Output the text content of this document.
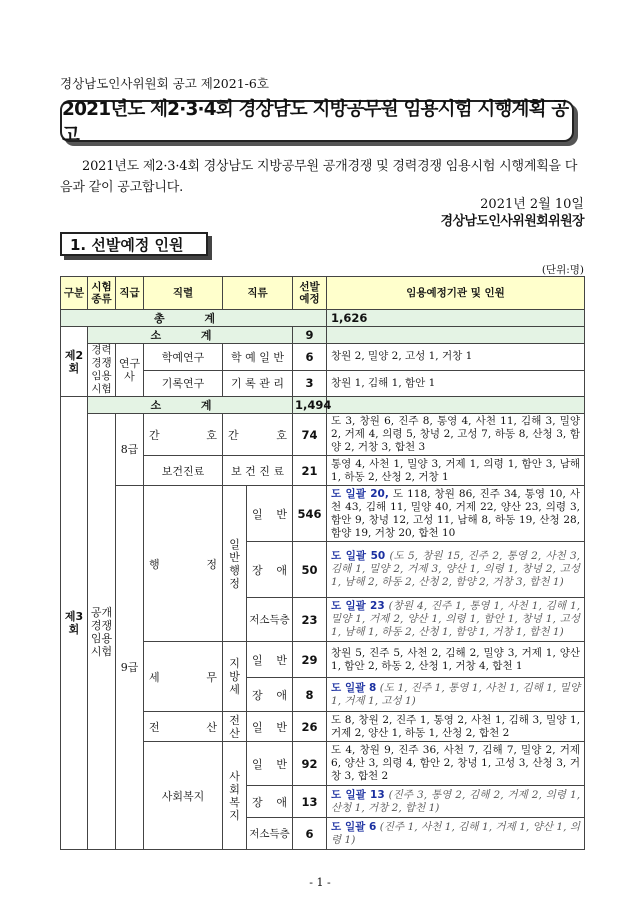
경상남도인사위원회 공고 제2021-6호
2021년도 제2·3·4회 경상남도 지방공무원 임용시험 시행계획 공고
2021년도 제2·3·4회 경상남도 지방공무원 공개경쟁 및 경력경쟁 임용시험 시행계획을 다음과 같이 공고합니다.
2021년 2월 10일
경상남도인사위원회위원장
1. 선발예정 인원
(단위:명)
구분	시험종류	직급	직렬	직류		선발예정	임용예정기관 및 인원
총 계							1,626
제2회	소 계					9	
	경력경쟁임용시험	연구사	학예연구	학 예 일 반		6	창원 2, 밀양 2, 고성 1, 거창 1
			기록연구	기 록 관 리		3	창원 1, 김해 1, 함안 1
제3회	소 계					1,494	
	공개경쟁임용시험	8급	간 호	간 호		74	도 3, 창원 6, 진주 8, 통영 4, 사천 11, 김해 3, 밀양 2, 거제 4, 의령 5, 창녕 2, 고성 7, 하동 8, 산청 3, 함양 2, 거창 3, 합천 3
			보건진료	보 건 진 료		21	통영 4, 사천 1, 밀양 3, 거제 1, 의령 1, 함안 3, 남해 1, 하동 2, 산청 2, 거창 1
		9급	행 정	일반행정	일 반	546	도 일괄 20, 도 118, 창원 86, 진주 34, 통영 10, 사천 43, 김해 11, 밀양 40, 거제 22, 양산 23, 의령 3, 함안 9, 창녕 12, 고성 11, 남해 8, 하동 19, 산청 28, 함양 19, 거창 20, 합천 10
					장 애	50	도 일괄 50 (도 5, 창원 15, 진주 2, 통영 2, 사천 3, 김해 1, 밀양 2, 거제 3, 양산 1, 의령 1, 창녕 2, 고성 1, 남해 2, 하동 2, 산청 2, 함양 2, 거창 3, 합천 1)
					저소득층	23	도 일괄 23 (창원 4, 진주 1, 통영 1, 사천 1, 김해 1, 밀양 1, 거제 2, 양산 1, 의령 1, 함안 1, 창녕 1, 고성 1, 남해 1, 하동 2, 산청 1, 함양 1, 거창 1, 합천 1)
			세 무	지방세	일 반	29	창원 5, 진주 5, 사천 2, 김해 2, 밀양 3, 거제 1, 양산 1, 함안 2, 하동 2, 산청 1, 거창 4, 합천 1
					장 애	8	도 일괄 8 (도 1, 진주 1, 통영 1, 사천 1, 김해 1, 밀양 1, 거제 1, 고성 1)
			전 산	전산	일 반	26	도 8, 창원 2, 진주 1, 통영 2, 사천 1, 김해 3, 밀양 1, 거제 2, 양산 1, 하동 1, 산청 2, 합천 2
			사회복지	사회복지	일 반	92	도 4, 창원 9, 진주 36, 사천 7, 김해 7, 밀양 2, 거제 6, 양산 3, 의령 4, 함안 2, 창녕 1, 고성 3, 산청 3, 거창 3, 합천 2
					장 애	13	도 일괄 13 (진주 3, 통영 2, 김해 2, 거제 2, 의령 1, 산청 1, 거창 2, 합천 1)
					저소득층	6	도 일괄 6 (진주 1, 사천 1, 김해 1, 거제 1, 양산 1, 의령 1)
- 1 -
